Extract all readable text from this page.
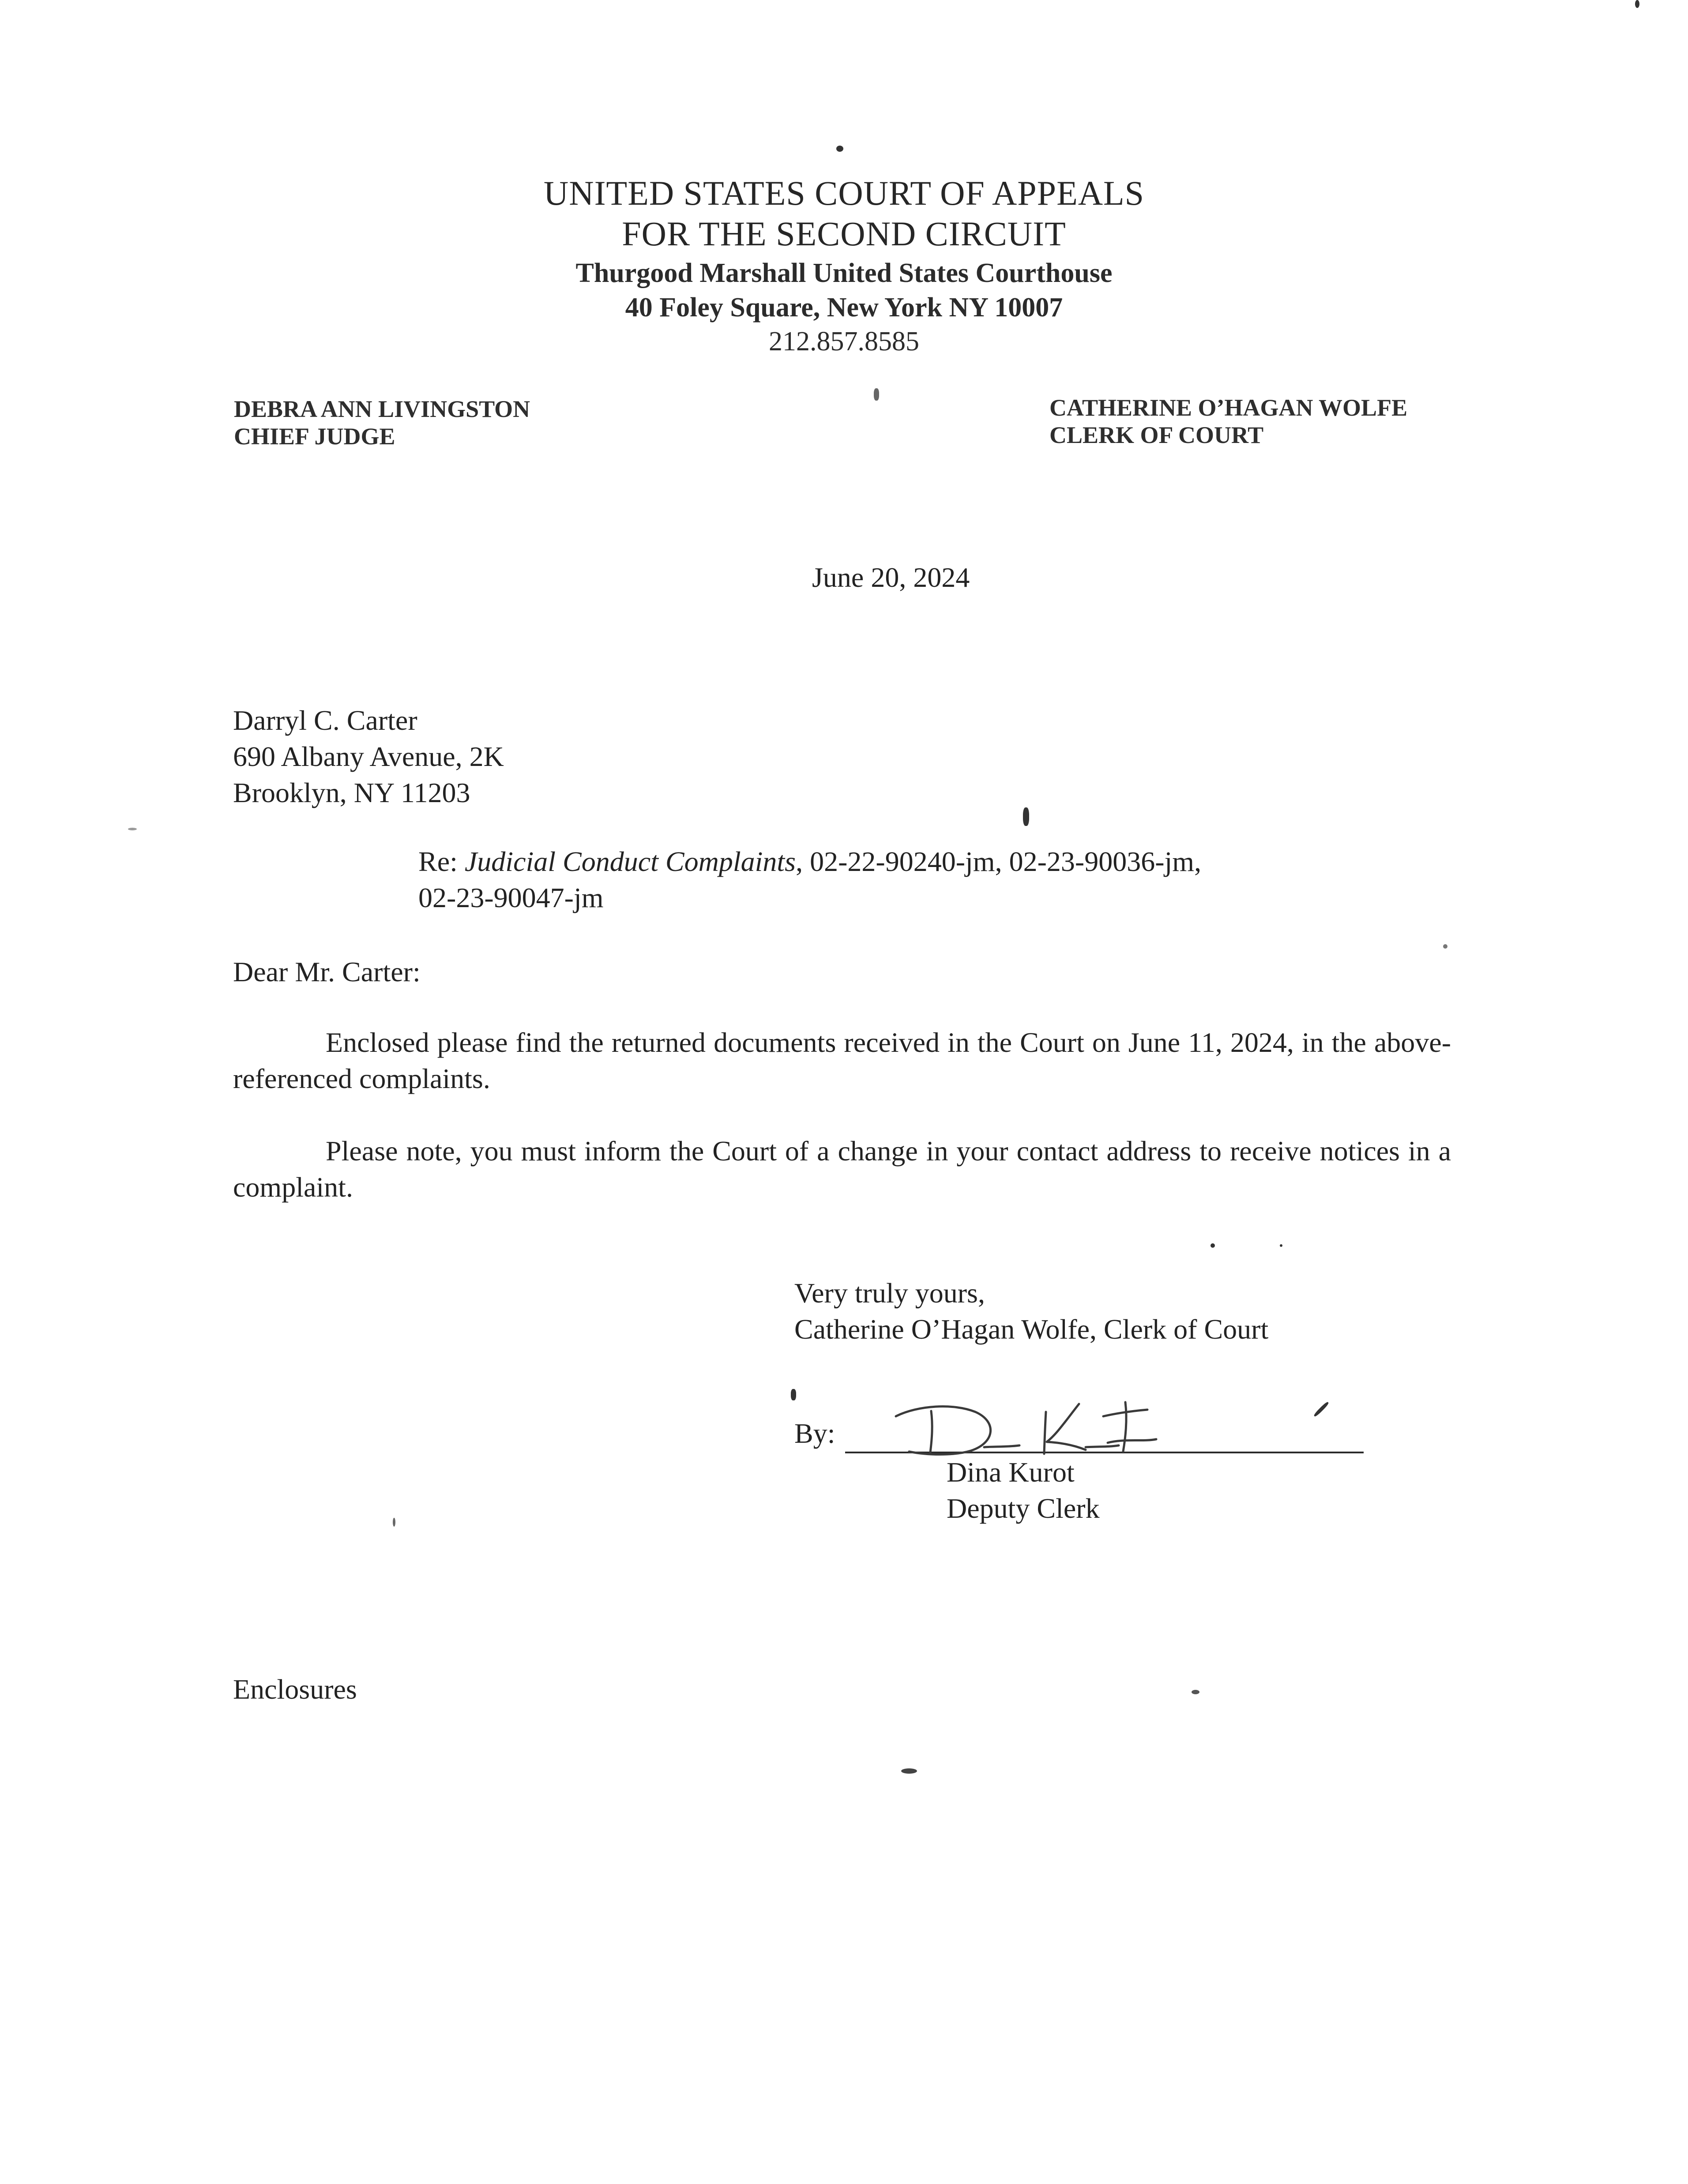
UNITED STATES COURT OF APPEALS
FOR THE SECOND CIRCUIT
Thurgood Marshall United States Courthouse
40 Foley Square, New York NY 10007
212.857.8585
DEBRA ANN LIVINGSTON
CHIEF JUDGE
CATHERINE O’HAGAN WOLFE
CLERK OF COURT
June 20, 2024
Darryl C. Carter
690 Albany Avenue, 2K
Brooklyn, NY 11203
Re: Judicial Conduct Complaints, 02-22-90240-jm, 02-23-90036-jm,
02-23-90047-jm
Dear Mr. Carter:
Enclosed please find the returned documents received in the Court on June 11, 2024, in the above-referenced complaints.
Please note, you must inform the Court of a change in your contact address to receive notices in a complaint.
Very truly yours,
Catherine O’Hagan Wolfe, Clerk of Court
By:
Dina Kurot
Deputy Clerk
Enclosures
